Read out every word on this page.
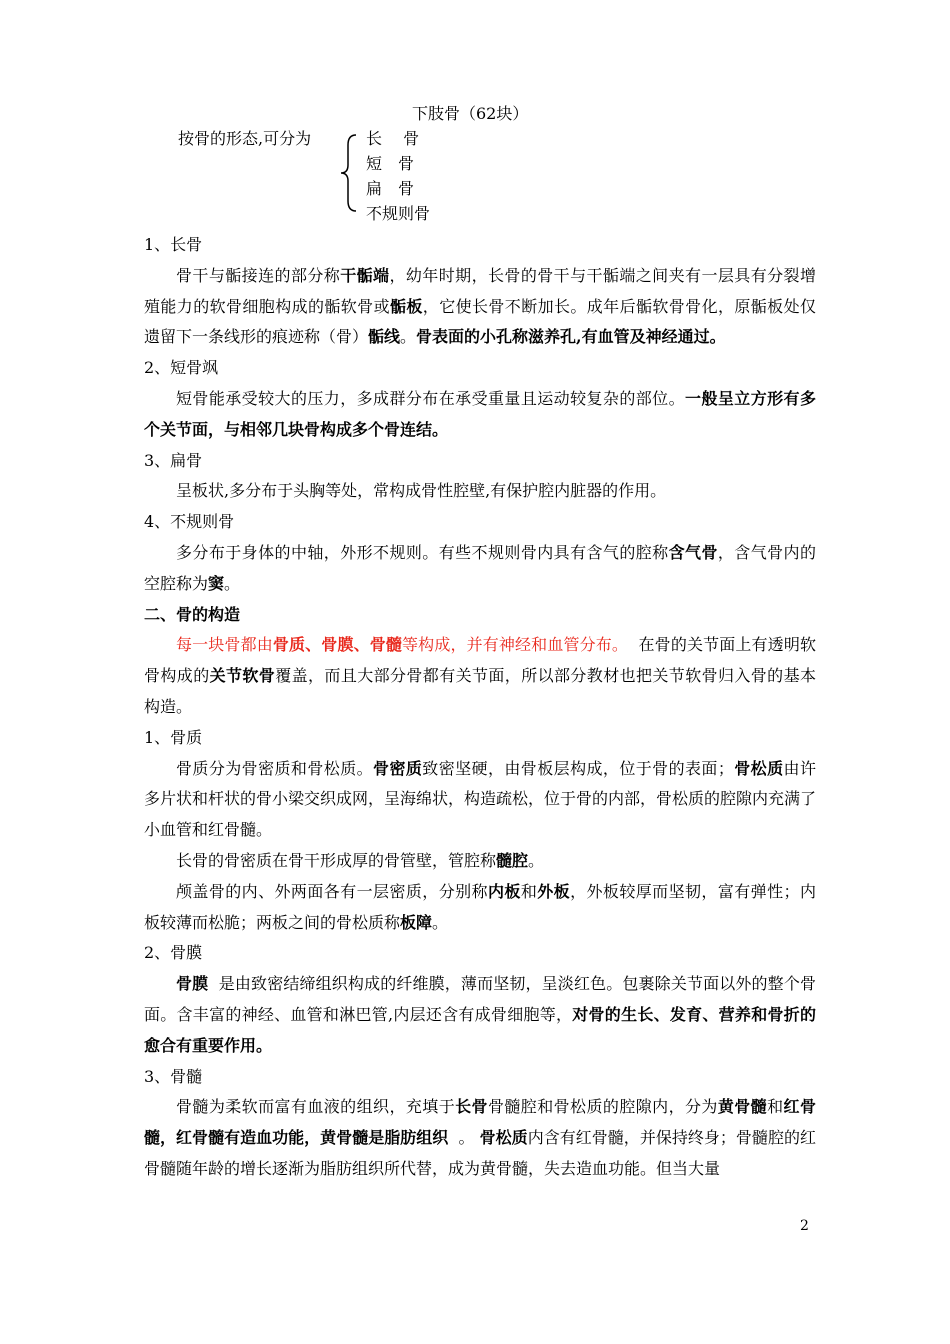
下肢骨（62块）
按骨的形态,可分为	长　 骨
短　骨
扁　骨
不规则骨

1、长骨

骨干与骺接连的部分称干骺端，幼年时期，长骨的骨干与干骺端之间夹有一层具有分裂增殖能力的软骨细胞构成的骺软骨或骺板，它使长骨不断加长。成年后骺软骨骨化，原骺板处仅遗留下一条线形的痕迹称（骨）骺线。骨表面的小孔称滋养孔,有血管及神经通过。

2、短骨飒

短骨能承受较大的压力，多成群分布在承受重量且运动较复杂的部位。一般呈立方形有多个关节面，与相邻几块骨构成多个骨连结。

3、扁骨

呈板状,多分布于头胸等处，常构成骨性腔壁,有保护腔内脏器的作用。

4、不规则骨

多分布于身体的中轴，外形不规则。有些不规则骨内具有含气的腔称含气骨，含气骨内的空腔称为窦。

二、骨的构造

每一块骨都由骨质、骨膜、骨髓等构成，并有神经和血管分布。 在骨的关节面上有透明软骨构成的关节软骨覆盖，而且大部分骨都有关节面，所以部分教材也把关节软骨归入骨的基本构造。

1、骨质

骨质分为骨密质和骨松质。骨密质致密坚硬，由骨板层构成，位于骨的表面；骨松质由许多片状和杆状的骨小梁交织成网，呈海绵状，构造疏松，位于骨的内部，骨松质的腔隙内充满了小血管和红骨髓。

长骨的骨密质在骨干形成厚的骨管壁，管腔称髓腔。

颅盖骨的内、外两面各有一层密质，分别称内板和外板，外板较厚而坚韧，富有弹性；内板较薄而松脆；两板之间的骨松质称板障。

2、骨膜

骨膜  是由致密结缔组织构成的纤维膜，薄而坚韧，呈淡红色。包裹除关节面以外的整个骨面。含丰富的神经、血管和淋巴管,内层还含有成骨细胞等，对骨的生长、发育、营养和骨折的愈合有重要作用。

3、骨髓

骨髓为柔软而富有血液的组织，充填于长骨骨髓腔和骨松质的腔隙内，分为黄骨髓和红骨髓，红骨髓有造血功能，黄骨髓是脂肪组织  。 骨松质内含有红骨髓，并保持终身；骨髓腔的红骨髓随年龄的增长逐渐为脂肪组织所代替，成为黄骨髓，失去造血功能。但当大量

2
